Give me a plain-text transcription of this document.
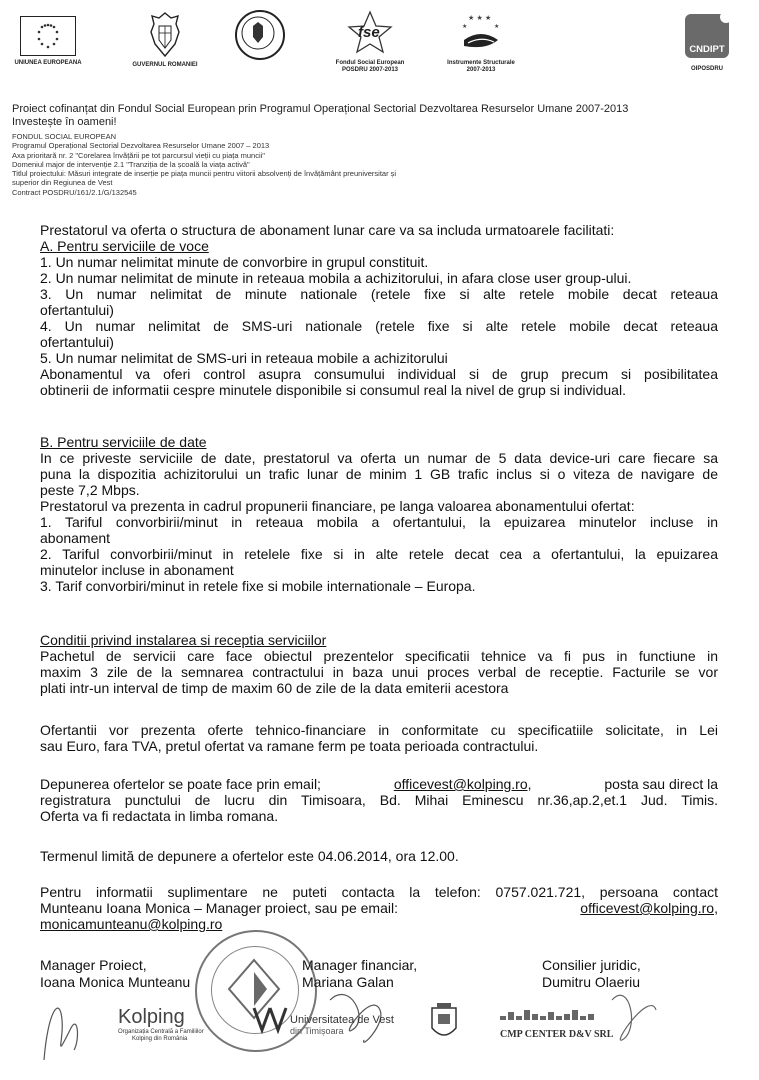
UNIUNEA EUROPEANA	GUVERNUL ROMANIEI
fse
Fondul Social European
POSDRU 2007-2013
★ ★ ★
★	★
Instrumente Structurale
2007-2013
CNDIPT
OIPOSDRU
Proiect cofinanțat din Fondul Social European prin Programul Operațional Sectorial Dezvoltarea Resurselor Umane 2007-2013
Investește în oameni!
FONDUL SOCIAL EUROPEAN
Programul Operațional Sectorial Dezvoltarea Resurselor Umane 2007 – 2013
Axa prioritară nr. 2 "Corelarea învățării pe tot parcursul vieții cu piața muncii"
Domeniul major de intervenție 2.1 "Tranziția de la școală la viața activă"
Titlul proiectului: Măsuri integrate de inserție pe piața muncii pentru viitorii absolvenți de învățământ preuniversitar și
superior din Regiunea de Vest
Contract POSDRU/161/2.1/G/132545
Prestatorul va oferta o structura de abonament lunar care va sa includa urmatoarele facilitati:
A. Pentru serviciile de voce
1. Un numar nelimitat minute de convorbire in grupul constituit.
2. Un numar nelimitat de minute in reteaua mobila a achizitorului, in afara close user group-ului.
3. Un numar nelimitat de minute nationale (retele fixe si alte retele mobile decat reteaua
ofertantului)
4. Un numar nelimitat de SMS-uri nationale (retele fixe si alte retele mobile decat reteaua
ofertantului)
5. Un numar nelimitat de SMS-uri in reteaua mobile a achizitorului
Abonamentul va oferi control asupra consumului individual si de grup precum si posibilitatea
obtinerii de informatii cespre minutele disponibile si consumul real la nivel de grup si individual.
B. Pentru serviciile de date
In ce priveste serviciile de date, prestatorul va oferta un numar de 5 data device-uri care fiecare sa
puna la dispozitia achizitorului un trafic lunar de minim 1 GB trafic inclus si o viteza de navigare de
peste 7,2 Mbps.
Prestatorul va prezenta in cadrul propunerii financiare, pe langa valoarea abonamentului ofertat:
1. Tariful convorbirii/minut in reteaua mobila a ofertantului, la epuizarea minutelor incluse in
abonament
2. Tariful convorbirii/minut in retelele fixe si in alte retele decat cea a ofertantului, la epuizarea
minutelor incluse in abonament
3. Tarif convorbiri/minut in retele fixe si mobile internationale – Europa.
Conditii privind instalarea si receptia serviciilor
Pachetul de servicii care face obiectul prezentelor specificatii tehnice va fi pus in functiune in
maxim 3 zile de la semnarea contractului in baza unui proces verbal de receptie. Facturile se vor
plati intr-un interval de timp de maxim 60 de zile de la data emiterii acestora
Ofertantii vor prezenta oferte tehnico-financiare in conformitate cu specificatiile solicitate, in Lei
sau Euro, fara TVA, pretul ofertat va ramane ferm pe toata perioada contractului.
Depunerea ofertelor se poate face prin email;	officevest@kolping.ro,	posta sau direct la
registratura punctului de lucru din Timisoara, Bd. Mihai Eminescu nr.36,ap.2,et.1 Jud. Timis.
Oferta va fi redactata in limba romana.
Termenul limită de depunere a ofertelor este 04.06.2014, ora 12.00.
Pentru informatii suplimentare ne puteti contacta la telefon: 0757.021.721, persoana contact
Munteanu Ioana Monica – Manager proiect, sau pe email:	officevest@kolping.ro,
monicamunteanu@kolping.ro
Manager Proiect,
Ioana Monica Munteanu
Manager financiar,
Mariana Galan
Consilier juridic,
Dumitru Olaeriu
Kolping
Organizația Centrală a Familiilor
Kolping din România
Universitatea de Vest
din Timișoara	CMP CENTER D&V SRL
